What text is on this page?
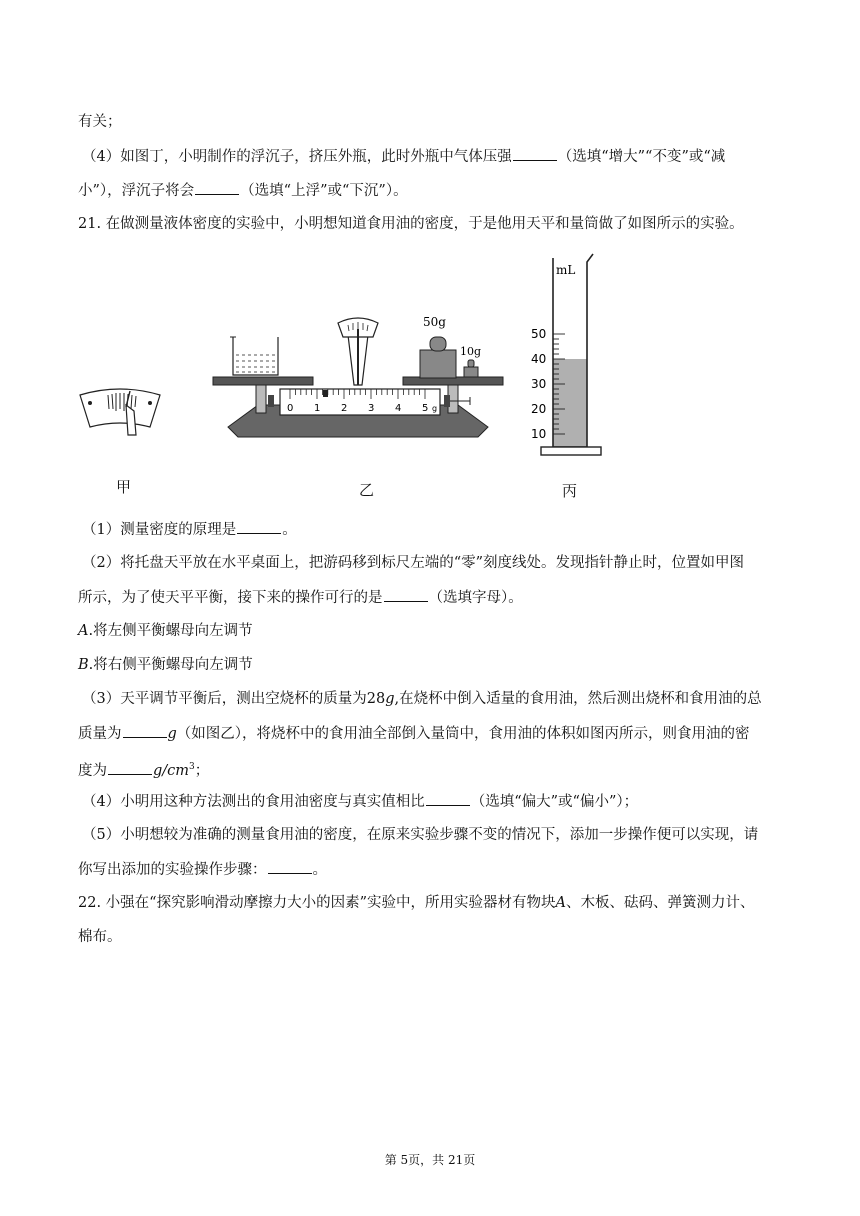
有关；
（4）如图丁，小明制作的浮沉子，挤压外瓶，此时外瓶中气体压强	（选填“增大”“不变”或“减
小”），浮沉子将会	（选填“上浮”或“下沉”）。
21. 在做测量液体密度的实验中，小明想知道食用油的密度，于是他用天平和量筒做了如图所示的实验。
甲
50g
10g
0 1 2 3 4 5 g
乙
mL
50
40
30
20
10
丙
（1）测量密度的原理是	。
（2）将托盘天平放在水平桌面上，把游码移到标尺左端的“零”刻度线处。发现指针静止时，位置如甲图
所示，为了使天平平衡，接下来的操作可行的是	（选填字母）。
A.将左侧平衡螺母向左调节
B.将右侧平衡螺母向左调节
（3）天平调节平衡后，测出空烧杯的质量为28g,在烧杯中倒入适量的食用油，然后测出烧杯和食用油的总
质量为	g（如图乙），将烧杯中的食用油全部倒入量筒中，食用油的体积如图丙所示，则食用油的密
度为	$g/cm^3$；
（4）小明用这种方法测出的食用油密度与真实值相比	（选填“偏大”或“偏小”）；
（5）小明想较为准确的测量食用油的密度，在原来实验步骤不变的情况下，添加一步操作便可以实现，请
你写出添加的实验操作步骤：	。
22. 小强在“探究影响滑动摩擦力大小的因素”实验中，所用实验器材有物块A、木板、砝码、弹簧测力计、
棉布。
第 5页，共 21页
